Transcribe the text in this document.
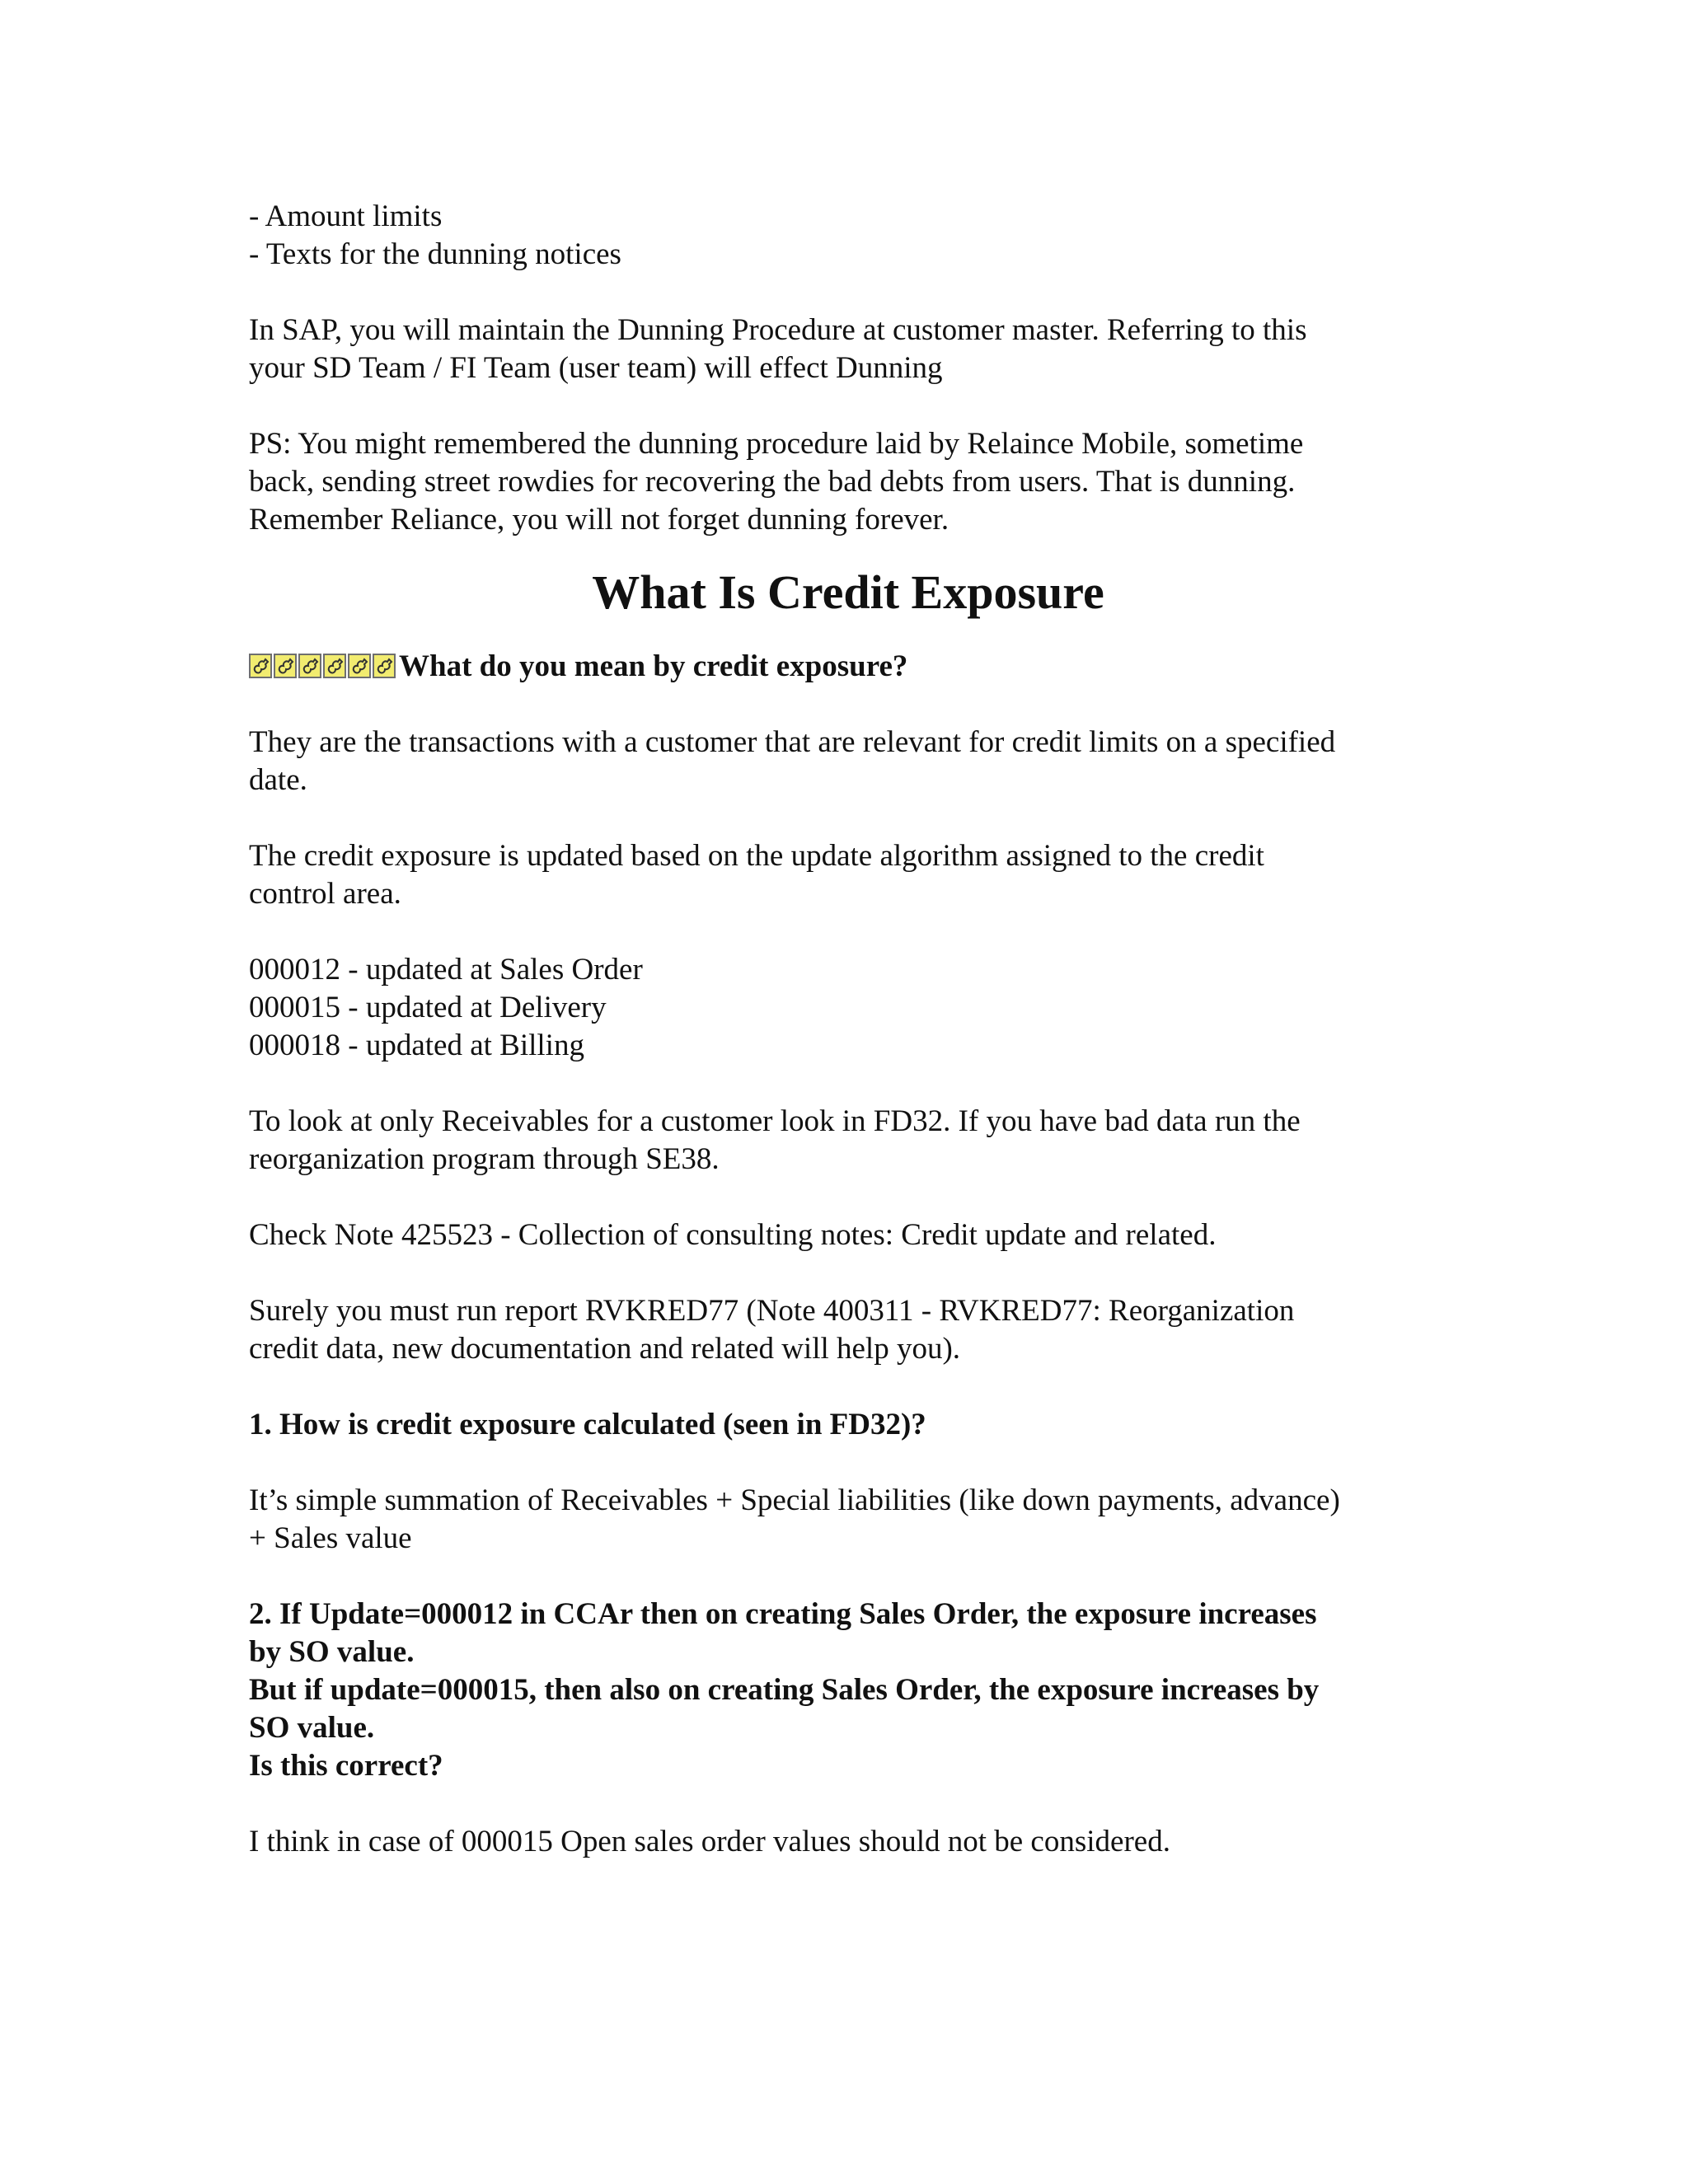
- Amount limits
- Texts for the dunning notices
In SAP, you will maintain the Dunning Procedure at customer master. Referring to this
your SD Team / FI Team (user team) will effect Dunning
PS: You might remembered the dunning procedure laid by Relaince Mobile, sometime
back, sending street rowdies for recovering the bad debts from users. That is dunning.
Remember Reliance, you will not forget dunning forever.
What Is Credit Exposure
What do you mean by credit exposure?
They are the transactions with a customer that are relevant for credit limits on a specified
date.
The credit exposure is updated based on the update algorithm assigned to the credit
control area.
000012 - updated at Sales Order
000015 - updated at Delivery
000018 - updated at Billing
To look at only Receivables for a customer look in FD32. If you have bad data run the
reorganization program through SE38.
Check Note 425523 - Collection of consulting notes: Credit update and related.
Surely you must run report RVKRED77 (Note 400311 - RVKRED77: Reorganization
credit data, new documentation and related will help you).
1. How is credit exposure calculated (seen in FD32)?
It’s simple summation of Receivables + Special liabilities (like down payments, advance)
+ Sales value
2. If Update=000012 in CCAr then on creating Sales Order, the exposure increases
by SO value.
But if update=000015, then also on creating Sales Order, the exposure increases by
SO value.
Is this correct?
I think in case of 000015 Open sales order values should not be considered.
